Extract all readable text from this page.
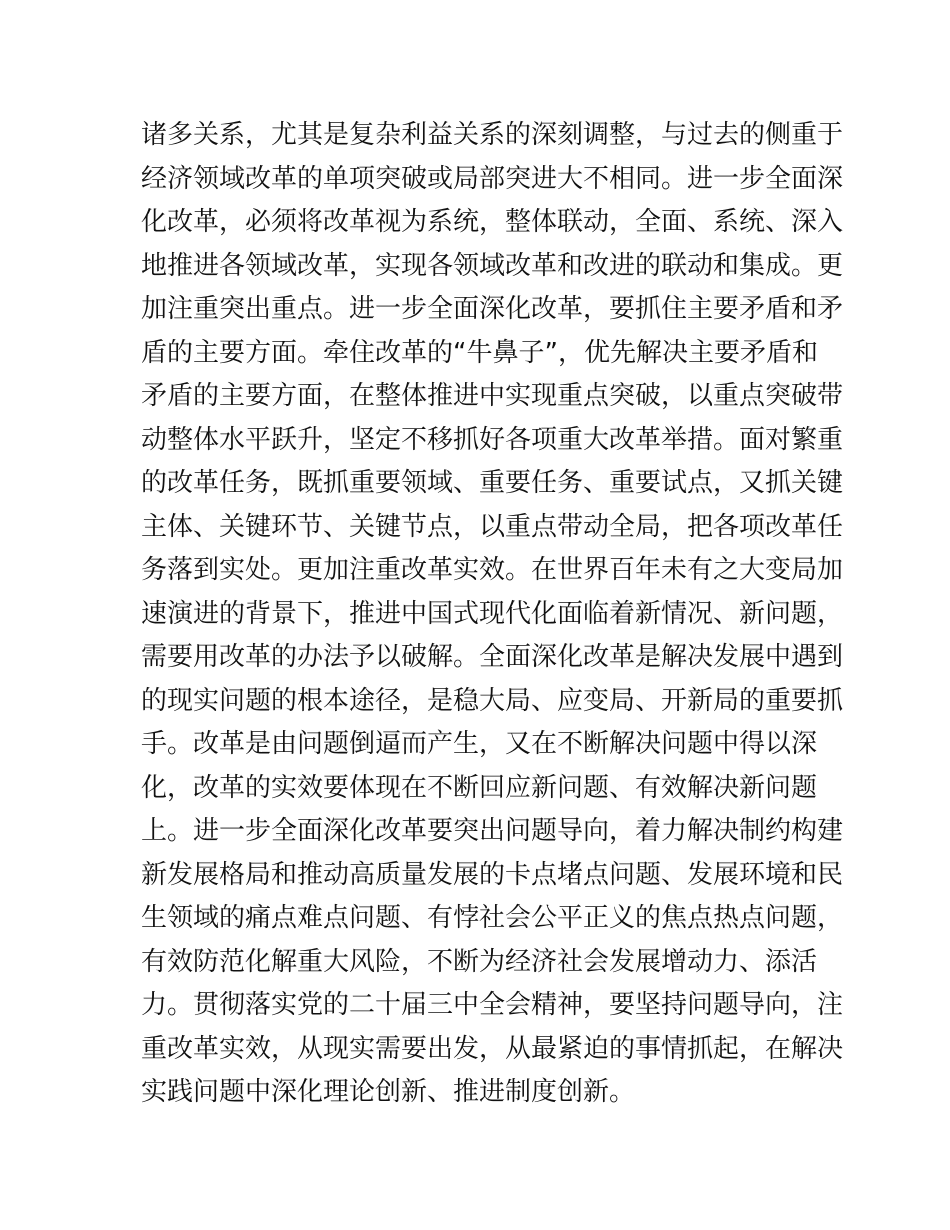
诸多关系，尤其是复杂利益关系的深刻调整，与过去的侧重于
经济领域改革的单项突破或局部突进大不相同。进一步全面深
化改革，必须将改革视为系统，整体联动，全面、系统、深入
地推进各领域改革，实现各领域改革和改进的联动和集成。更
加注重突出重点。进一步全面深化改革，要抓住主要矛盾和矛
盾的主要方面。牵住改革的“牛鼻子”，优先解决主要矛盾和
矛盾的主要方面，在整体推进中实现重点突破，以重点突破带
动整体水平跃升，坚定不移抓好各项重大改革举措。面对繁重
的改革任务，既抓重要领域、重要任务、重要试点，又抓关键
主体、关键环节、关键节点，以重点带动全局，把各项改革任
务落到实处。更加注重改革实效。在世界百年未有之大变局加
速演进的背景下，推进中国式现代化面临着新情况、新问题，
需要用改革的办法予以破解。全面深化改革是解决发展中遇到
的现实问题的根本途径，是稳大局、应变局、开新局的重要抓
手。改革是由问题倒逼而产生，又在不断解决问题中得以深
化，改革的实效要体现在不断回应新问题、有效解决新问题
上。进一步全面深化改革要突出问题导向，着力解决制约构建
新发展格局和推动高质量发展的卡点堵点问题、发展环境和民
生领域的痛点难点问题、有悖社会公平正义的焦点热点问题，
有效防范化解重大风险，不断为经济社会发展增动力、添活
力。贯彻落实党的二十届三中全会精神，要坚持问题导向，注
重改革实效，从现实需要出发，从最紧迫的事情抓起，在解决
实践问题中深化理论创新、推进制度创新。
